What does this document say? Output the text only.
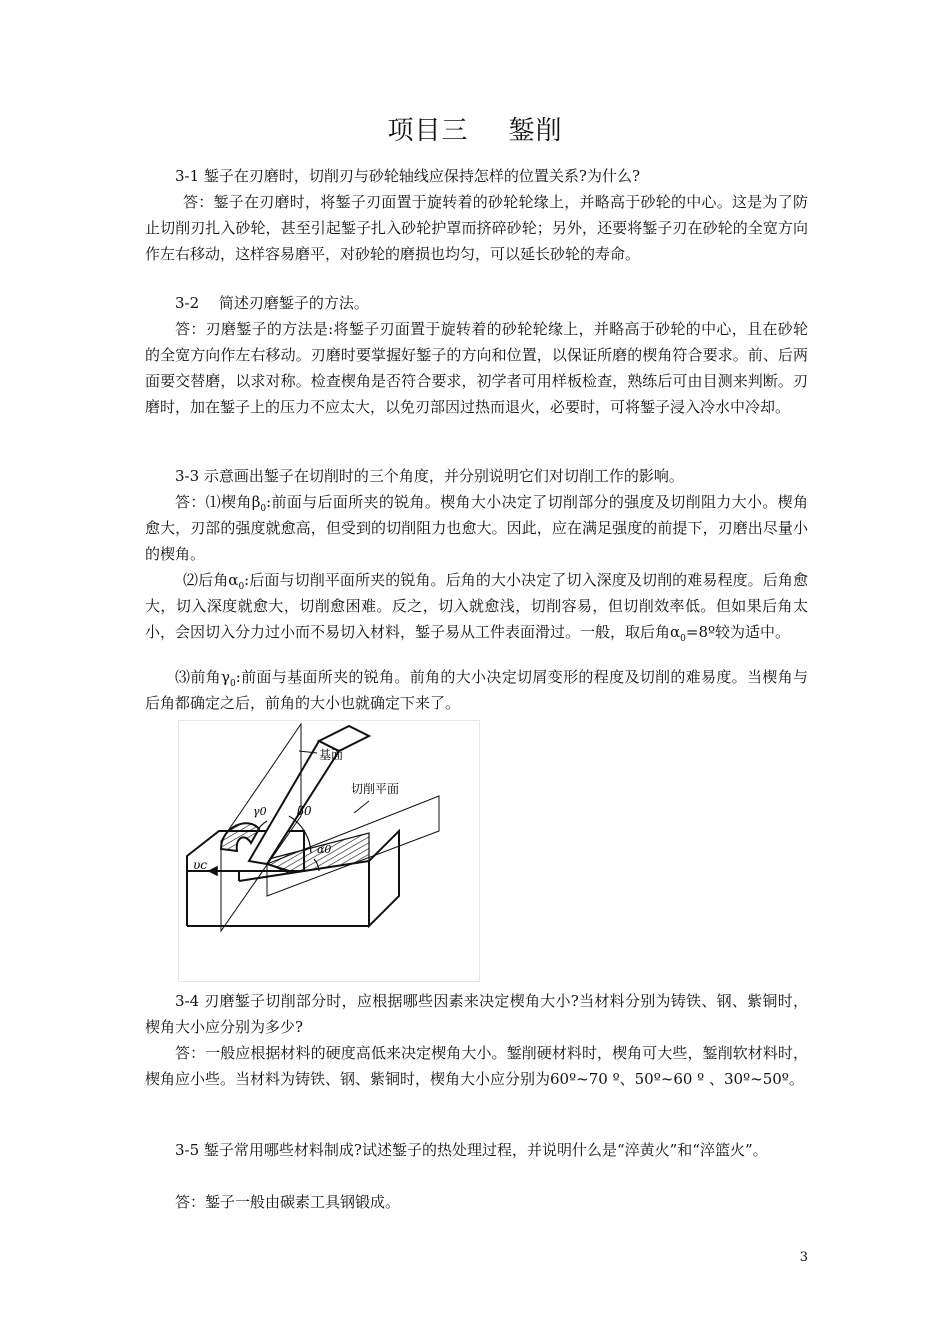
项目三 錾削

3-1 錾子在刃磨时，切削刃与砂轮轴线应保持怎样的位置关系?为什么?

答：錾子在刃磨时，将錾子刃面置于旋转着的砂轮轮缘上，并略高于砂轮的中心。这是为了防止切削刃扎入砂轮，甚至引起錾子扎入砂轮护罩而挤碎砂轮；另外，还要将錾子刃在砂轮的全宽方向作左右移动，这样容易磨平，对砂轮的磨损也均匀，可以延长砂轮的寿命。

3-2　 简述刃磨錾子的方法。

答：刃磨錾子的方法是:将錾子刃面置于旋转着的砂轮轮缘上，并略高于砂轮的中心，且在砂轮的全宽方向作左右移动。刃磨时要掌握好錾子的方向和位置，以保证所磨的楔角符合要求。前、后两面要交替磨，以求对称。检查楔角是否符合要求，初学者可用样板检查，熟练后可由目测来判断。刃磨时，加在錾子上的压力不应太大，以免刃部因过热而退火，必要时，可将錾子浸入冷水中冷却。

3-3 示意画出錾子在切削时的三个角度，并分别说明它们对切削工作的影响。

答：⑴楔角$\beta_0$:前面与后面所夹的锐角。楔角大小决定了切削部分的强度及切削阻力大小。楔角愈大，刃部的强度就愈高，但受到的切削阻力也愈大。因此，应在满足强度的前提下，刃磨出尽量小的楔角。

⑵后角$\alpha_0$:后面与切削平面所夹的锐角。后角的大小决定了切入深度及切削的难易程度。后角愈大，切入深度就愈大，切削愈困难。反之，切入就愈浅，切削容易，但切削效率低。但如果后角太小，会因切入分力过小而不易切入材料，錾子易从工件表面滑过。一般，取后角$\alpha_0=8º$较为适中。

⑶前角$\gamma_0$:前面与基面所夹的锐角。前角的大小决定切屑变形的程度及切削的难易度。当楔角与后角都确定之后，前角的大小也就确定下来了。

基面
切削平面
γ0	β0
α0
υc

3-4 刃磨錾子切削部分时，应根据哪些因素来决定楔角大小?当材料分别为铸铁、钢、紫铜时，楔角大小应分别为多少?

答：一般应根据材料的硬度高低来决定楔角大小。錾削硬材料时，楔角可大些，錾削软材料时，楔角应小些。当材料为铸铁、钢、紫铜时，楔角大小应分别为60º~70 º、50º~60 º 、30º~50º。

3-5 錾子常用哪些材料制成?试述錾子的热处理过程，并说明什么是“淬黄火”和“淬篮火”。

答：錾子一般由碳素工具钢锻成。

3
